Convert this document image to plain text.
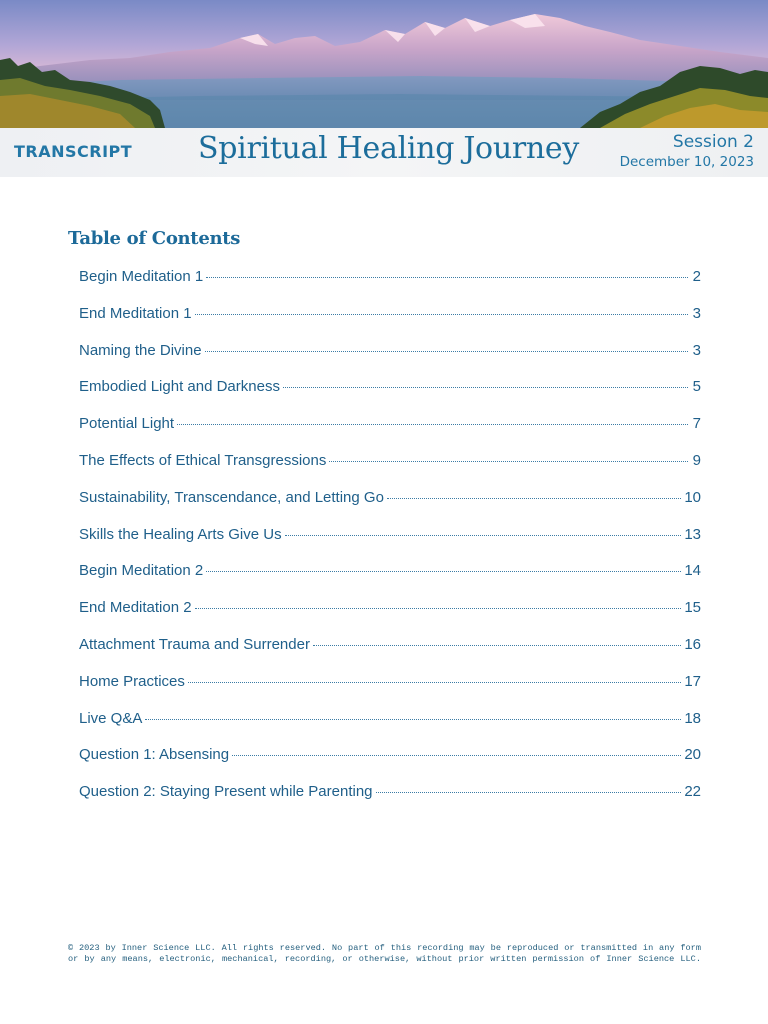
TRANSCRIPT Spiritual Healing Journey	Session 2
December 10, 2023
Table of Contents
Begin Meditation 1	2
End Meditation 1	3
Naming the Divine	3
Embodied Light and Darkness	5
Potential Light	7
The Effects of Ethical Transgressions	9
Sustainability, Transcendance, and Letting Go	10
Skills the Healing Arts Give Us	13
Begin Meditation 2	14
End Meditation 2	15
Attachment Trauma and Surrender	16
Home Practices	17
Live Q&A	18
Question 1: Absensing	20
Question 2: Staying Present while Parenting	22
© 2023 by Inner Science LLC. All rights reserved. No part of this recording may be reproduced or transmitted in any form
or by any means, electronic, mechanical, recording, or otherwise, without prior written permission of Inner Science LLC.
